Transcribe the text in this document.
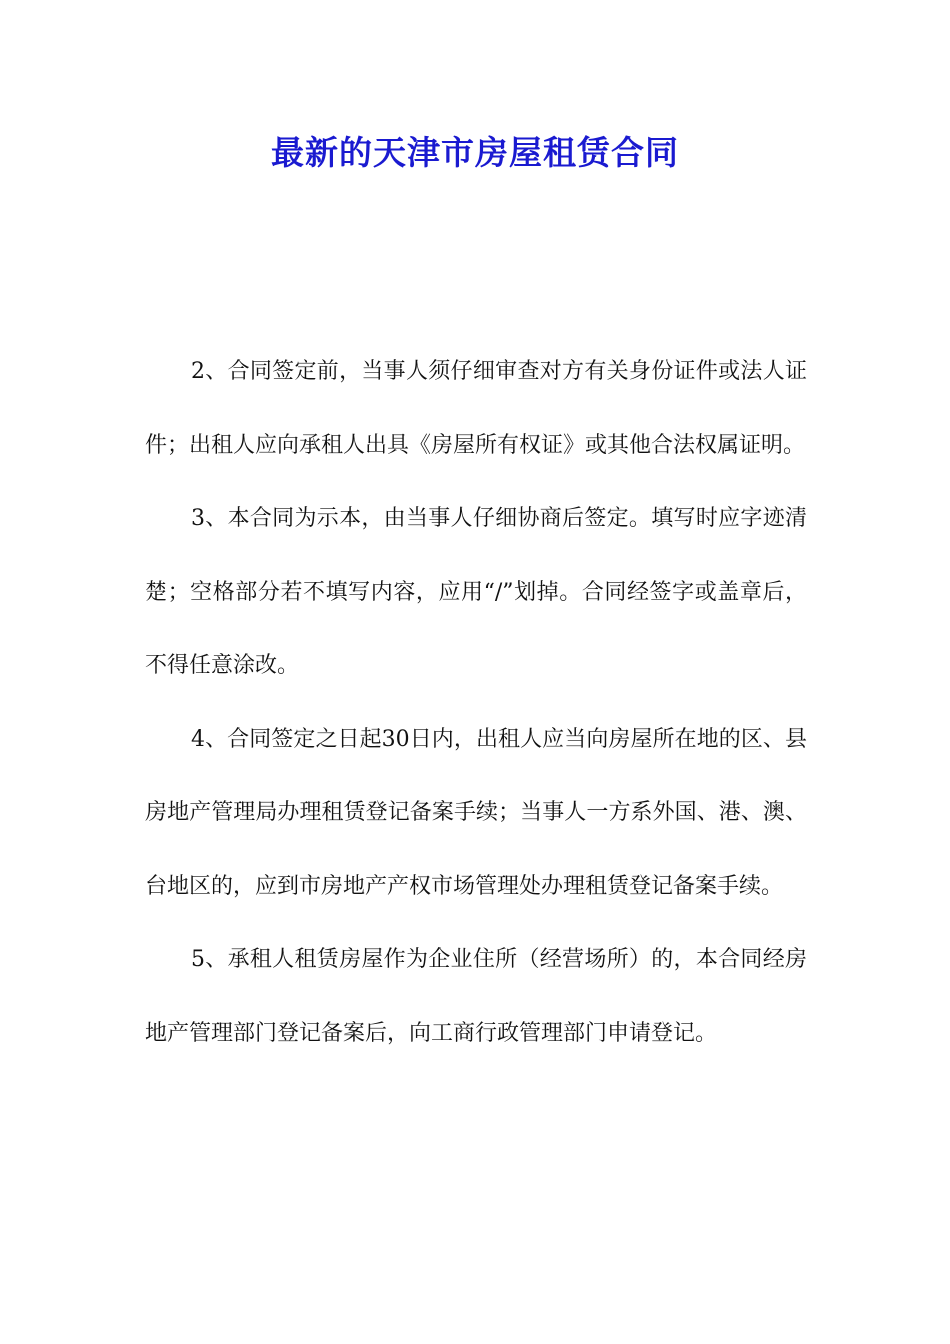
最新的天津市房屋租赁合同

2、合同签定前，当事人须仔细审查对方有关身份证件或法人证件；出租人应向承租人出具《房屋所有权证》或其他合法权属证明。

3、本合同为示本，由当事人仔细协商后签定。填写时应字迹清楚；空格部分若不填写内容，应用“/”划掉。合同经签字或盖章后，不得任意涂改。

4、合同签定之日起30日内，出租人应当向房屋所在地的区、县房地产管理局办理租赁登记备案手续；当事人一方系外国、港、澳、台地区的，应到市房地产产权市场管理处办理租赁登记备案手续。

5、承租人租赁房屋作为企业住所（经营场所）的，本合同经房地产管理部门登记备案后，向工商行政管理部门申请登记。
